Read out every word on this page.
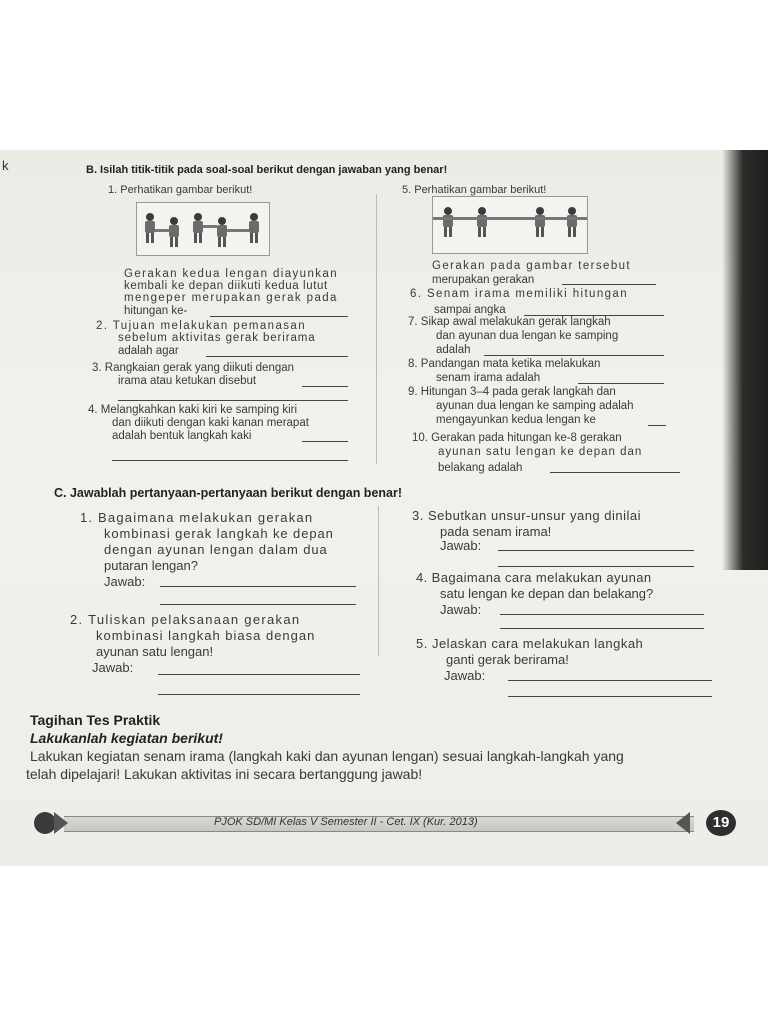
k	B. Isilah titik-titik pada soal-soal berikut dengan jawaban yang benar!
1. Perhatikan gambar berikut!	5. Perhatikan gambar berikut!
Gerakan kedua lengan diayunkan
kembali ke depan diikuti kedua lutut
mengeper merupakan gerak pada
hitungan ke-
2. Tujuan melakukan pemanasan
sebelum aktivitas gerak berirama
adalah agar
3. Rangkaian gerak yang diikuti dengan
irama atau ketukan disebut
4. Melangkahkan kaki kiri ke samping kiri
dan diikuti dengan kaki kanan merapat
adalah bentuk langkah kaki
Gerakan pada gambar tersebut
merupakan gerakan
6. Senam irama memiliki hitungan
sampai angka
7. Sikap awal melakukan gerak langkah
dan ayunan dua lengan ke samping
adalah
8. Pandangan mata ketika melakukan
senam irama adalah
9. Hitungan 3–4 pada gerak langkah dan
ayunan dua lengan ke samping adalah
mengayunkan kedua lengan ke
10. Gerakan pada hitungan ke-8 gerakan
ayunan satu lengan ke depan dan
belakang adalah
C. Jawablah pertanyaan-pertanyaan berikut dengan benar!
1. Bagaimana melakukan gerakan
kombinasi gerak langkah ke depan
dengan ayunan lengan dalam dua
putaran lengan?
Jawab:
2. Tuliskan pelaksanaan gerakan
kombinasi langkah biasa dengan
ayunan satu lengan!
Jawab:
3. Sebutkan unsur-unsur yang dinilai
pada senam irama!
Jawab:
4. Bagaimana cara melakukan ayunan
satu lengan ke depan dan belakang?
Jawab:
5. Jelaskan cara melakukan langkah
ganti gerak berirama!
Jawab:
Tagihan Tes Praktik
Lakukanlah kegiatan berikut!
Lakukan kegiatan senam irama (langkah kaki dan ayunan lengan) sesuai langkah-langkah yang
telah dipelajari! Lakukan aktivitas ini secara bertanggung jawab!
PJOK SD/MI Kelas V Semester II - Cet. IX (Kur. 2013)	19
